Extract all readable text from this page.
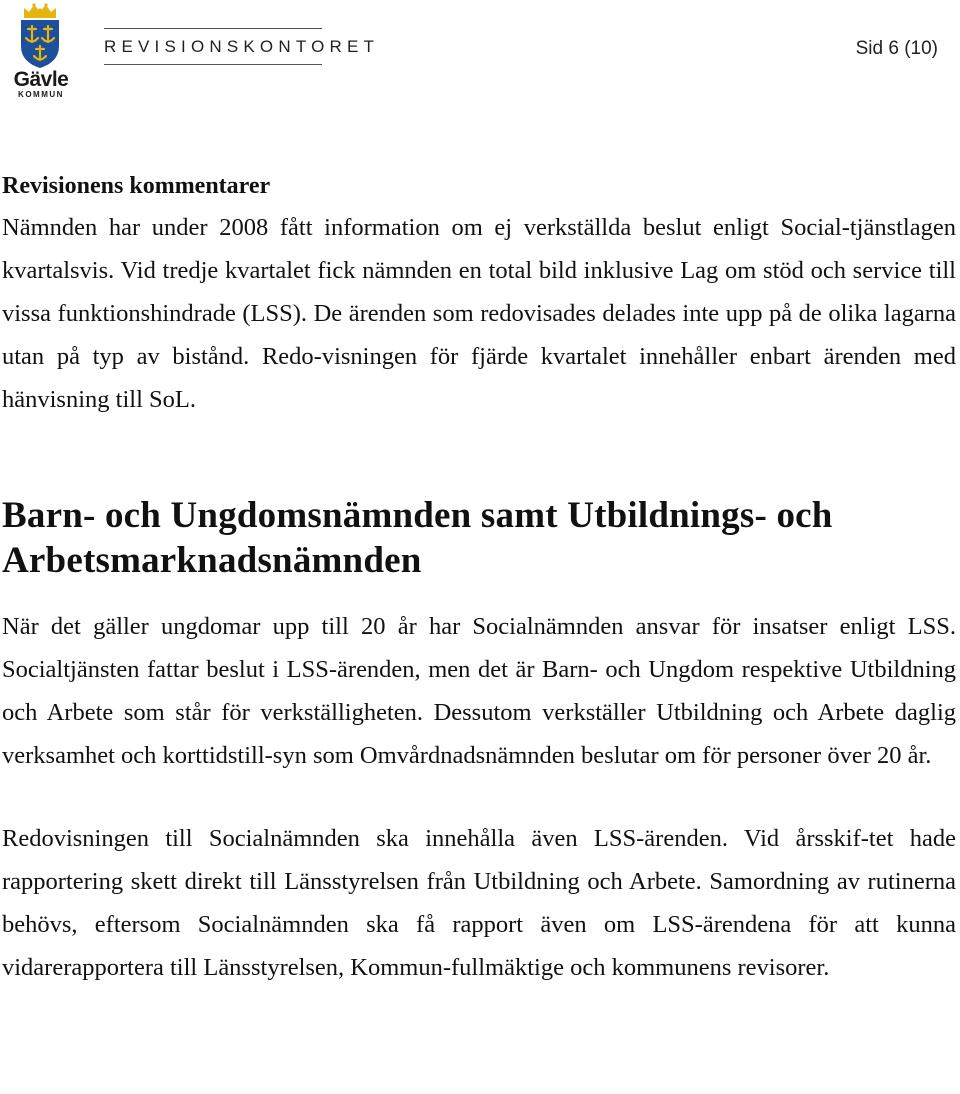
Gävle
KOMMUN
REVISIONSKONTORET	Sid 6 (10)
Revisionens kommentarer

Nämnden har under 2008 fått information om ej verkställda beslut enligt Social-tjänstlagen kvartalsvis. Vid tredje kvartalet fick nämnden en total bild inklusive Lag om stöd och service till vissa funktionshindrade (LSS). De ärenden som redovisades delades inte upp på de olika lagarna utan på typ av bistånd. Redo-visningen för fjärde kvartalet innehåller enbart ärenden med hänvisning till SoL.

Barn- och Ungdomsnämnden samt Utbildnings- och Arbetsmarknadsnämnden

När det gäller ungdomar upp till 20 år har Socialnämnden ansvar för insatser enligt LSS. Socialtjänsten fattar beslut i LSS-ärenden, men det är Barn- och Ungdom respektive Utbildning och Arbete som står för verkställigheten. Dessutom verkställer Utbildning och Arbete daglig verksamhet och korttidstill-syn som Omvårdnadsnämnden beslutar om för personer över 20 år.

Redovisningen till Socialnämnden ska innehålla även LSS-ärenden. Vid årsskif-tet hade rapportering skett direkt till Länsstyrelsen från Utbildning och Arbete. Samordning av rutinerna behövs, eftersom Socialnämnden ska få rapport även om LSS-ärendena för att kunna vidarerapportera till Länsstyrelsen, Kommun-fullmäktige och kommunens revisorer.
